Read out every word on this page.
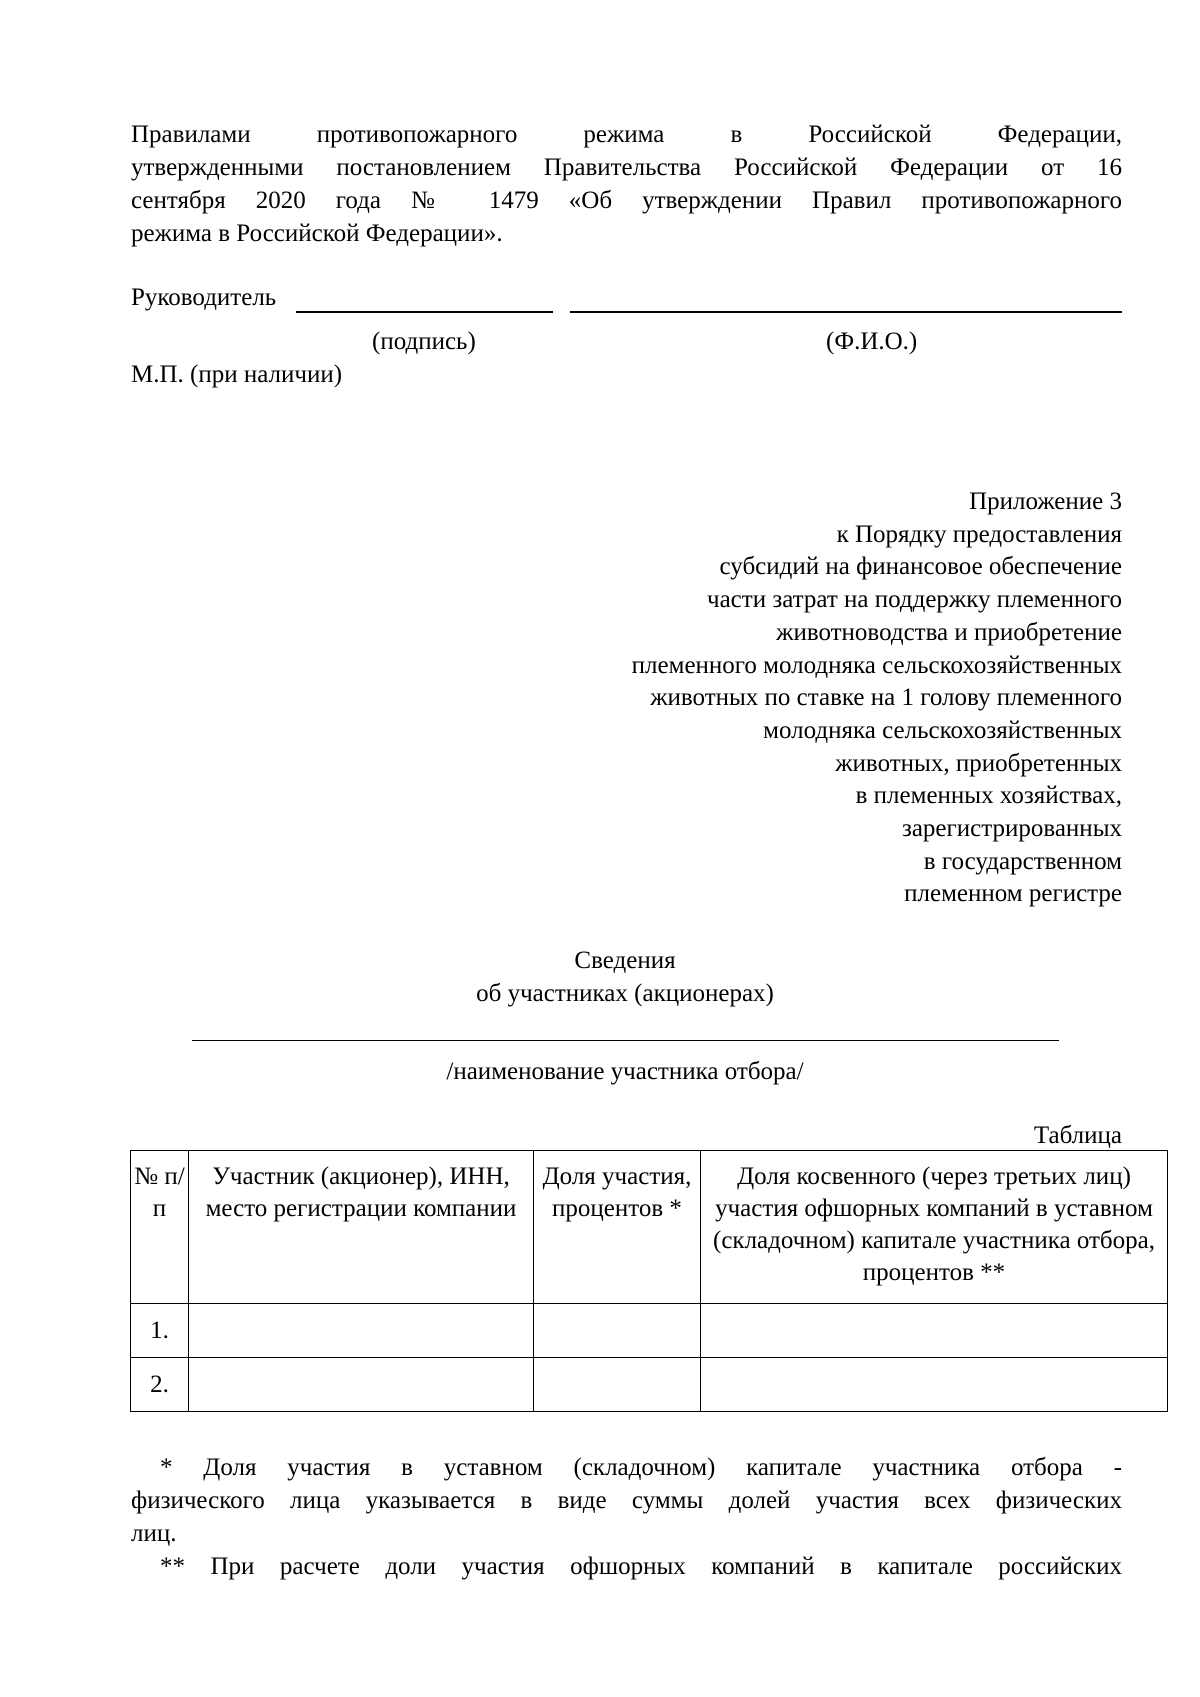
Правилами противопожарного режима в Российской Федерации,
утвержденными постановлением Правительства Российской Федерации от 16
сентября 2020 года № 1479 «Об утверждении Правил противопожарного
режима в Российской Федерации».
Руководитель
(подпись)	(Ф.И.О.)
М.П. (при наличии)
Приложение 3
к Порядку предоставления
субсидий на финансовое обеспечение
части затрат на поддержку племенного
животноводства и приобретение
племенного молодняка сельскохозяйственных
животных по ставке на 1 голову племенного
молодняка сельскохозяйственных
животных, приобретенных
в племенных хозяйствах,
зарегистрированных
в государственном
племенном регистре
Сведения
об участниках (акционерах)
/наименование участника отбора/
Таблица
№ п/п	Участник (акционер), ИНН, место регистрации компании	Доля участия, процентов *	Доля косвенного (через третьих лиц) участия офшорных компаний в уставном (складочном) капитале участника отбора, процентов **
1.			
2.			
* Доля участия в уставном (складочном) капитале участника отбора -
физического лица указывается в виде суммы долей участия всех физических
лиц.
** При расчете доли участия офшорных компаний в капитале российских
